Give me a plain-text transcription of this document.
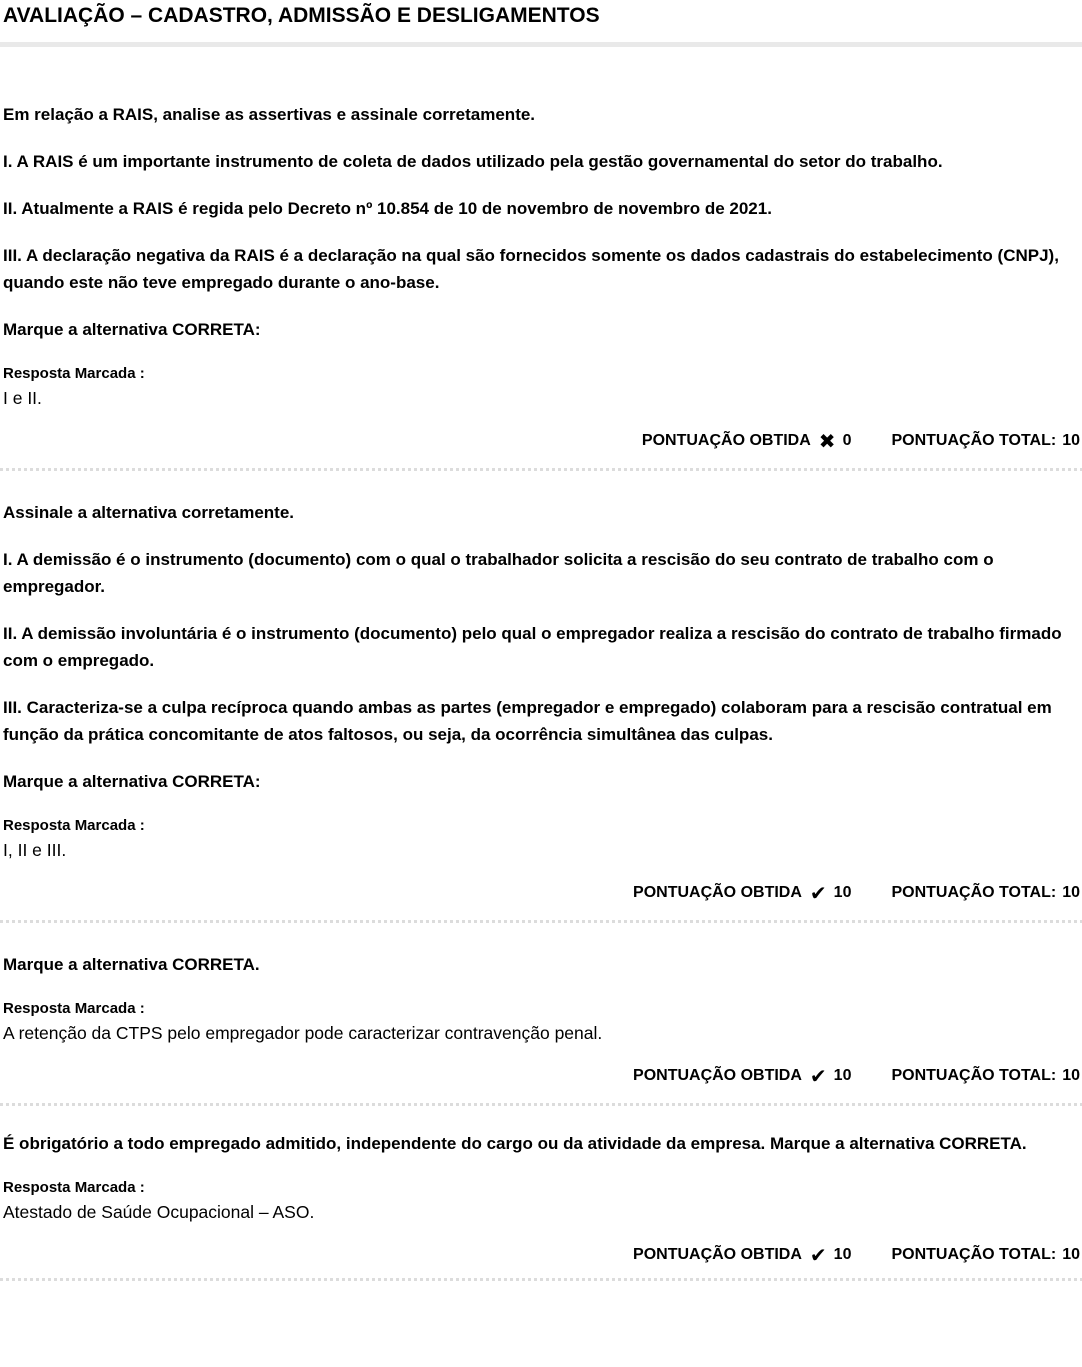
AVALIAÇÃO – CADASTRO, ADMISSÃO E DESLIGAMENTOS

Em relação a RAIS, analise as assertivas e assinale corretamente.

I. A RAIS é um importante instrumento de coleta de dados utilizado pela gestão governamental do setor do trabalho.

II. Atualmente a RAIS é regida pelo Decreto nº 10.854 de 10 de novembro de novembro de 2021.

III. A declaração negativa da RAIS é a declaração na qual são fornecidos somente os dados cadastrais do estabelecimento (CNPJ), quando este não teve empregado durante o ano-base.

Marque a alternativa CORRETA:

Resposta Marcada :

I e II.

PONTUAÇÃO OBTIDA ✖ 0	PONTUAÇÃO TOTAL: 10

Assinale a alternativa corretamente.

I. A demissão é o instrumento (documento) com o qual o trabalhador solicita a rescisão do seu contrato de trabalho com o empregador.

II. A demissão involuntária é o instrumento (documento) pelo qual o empregador realiza a rescisão do contrato de trabalho firmado com o empregado.

III. Caracteriza-se a culpa recíproca quando ambas as partes (empregador e empregado) colaboram para a rescisão contratual em função da prática concomitante de atos faltosos, ou seja, da ocorrência simultânea das culpas.

Marque a alternativa CORRETA:

Resposta Marcada :

I, II e III.

PONTUAÇÃO OBTIDA ✔ 10	PONTUAÇÃO TOTAL: 10

Marque a alternativa CORRETA.

Resposta Marcada :

A retenção da CTPS pelo empregador pode caracterizar contravenção penal.

PONTUAÇÃO OBTIDA ✔ 10	PONTUAÇÃO TOTAL: 10

É obrigatório a todo empregado admitido, independente do cargo ou da atividade da empresa. Marque a alternativa CORRETA.

Resposta Marcada :

Atestado de Saúde Ocupacional – ASO.

PONTUAÇÃO OBTIDA ✔ 10	PONTUAÇÃO TOTAL: 10
